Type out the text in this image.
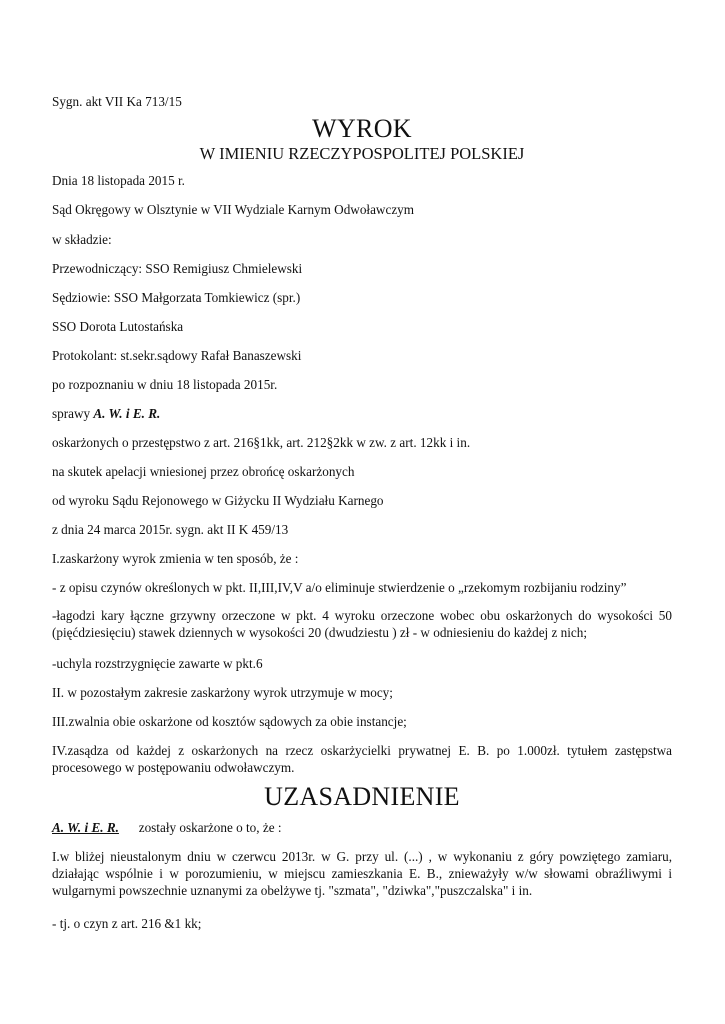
Sygn. akt VII Ka 713/15

WYROK

W IMIENIU RZECZYPOSPOLITEJ POLSKIEJ

Dnia 18 listopada 2015 r.

Sąd Okręgowy w Olsztynie w VII Wydziale Karnym Odwoławczym

w składzie:

Przewodniczący: SSO Remigiusz Chmielewski

Sędziowie: SSO Małgorzata Tomkiewicz (spr.)

SSO Dorota Lutostańska

Protokolant: st.sekr.sądowy Rafał Banaszewski

po rozpoznaniu w dniu 18 listopada 2015r.

sprawy A. W. i E. R.

oskarżonych o przestępstwo z art. 216§1kk, art. 212§2kk w zw. z art. 12kk i in.

na skutek apelacji wniesionej przez obrońcę oskarżonych

od wyroku Sądu Rejonowego w Giżycku II Wydziału Karnego

z dnia 24 marca 2015r. sygn. akt II K 459/13

I.zaskarżony wyrok zmienia w ten sposób, że :

- z opisu czynów określonych w pkt. II,III,IV,V a/o eliminuje stwierdzenie o „rzekomym rozbijaniu rodziny”

-łagodzi kary łączne grzywny orzeczone w pkt. 4 wyroku orzeczone wobec obu oskarżonych do wysokości 50 (pięćdziesięciu) stawek dziennych w wysokości 20 (dwudziestu ) zł - w odniesieniu do każdej z nich;

-uchyla rozstrzygnięcie zawarte w pkt.6

II. w pozostałym zakresie zaskarżony wyrok utrzymuje w mocy;

III.zwalnia obie oskarżone od kosztów sądowych za obie instancje;

IV.zasądza od każdej z oskarżonych na rzecz oskarżycielki prywatnej E. B. po 1.000zł. tytułem zastępstwa procesowego w postępowaniu odwoławczym.

UZASADNIENIE

A. W. i E. R. zostały oskarżone o to, że :

I.w bliżej nieustalonym dniu w czerwcu 2013r. w G. przy ul. (...) , w wykonaniu z góry powziętego zamiaru, działając wspólnie i w porozumieniu, w miejscu zamieszkania E. B., znieważyły w/w słowami obraźliwymi i wulgarnymi powszechnie uznanymi za obelżywe tj. "szmata", "dziwka","puszczalska" i in.

- tj. o czyn z art. 216 &1 kk;
